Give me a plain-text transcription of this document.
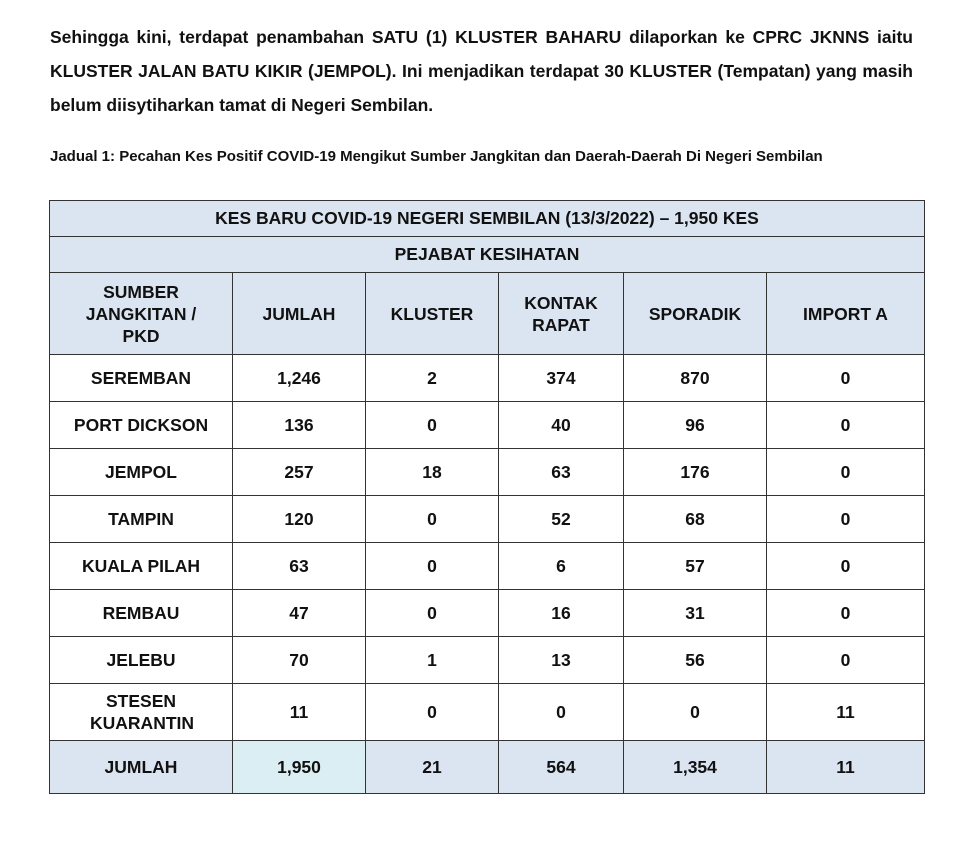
Sehingga kini, terdapat penambahan SATU (1) KLUSTER BAHARU dilaporkan ke CPRC JKNNS iaitu KLUSTER JALAN BATU KIKIR (JEMPOL). Ini menjadikan terdapat 30 KLUSTER (Tempatan) yang masih belum diisytiharkan tamat di Negeri Sembilan.

Jadual 1: Pecahan Kes Positif COVID-19 Mengikut Sumber Jangkitan dan Daerah-Daerah Di Negeri Sembilan

KES BARU COVID-19 NEGERI SEMBILAN (13/3/2022) – 1,950 KES					
PEJABAT KESIHATAN					
SUMBER JANGKITAN / PKD	JUMLAH	KLUSTER	KONTAK RAPAT	SPORADIK	IMPORT A
SEREMBAN	1,246	2	374	870	0
PORT DICKSON	136	0	40	96	0
JEMPOL	257	18	63	176	0
TAMPIN	120	0	52	68	0
KUALA PILAH	63	0	6	57	0
REMBAU	47	0	16	31	0
JELEBU	70	1	13	56	0
STESEN KUARANTIN	11	0	0	0	11
JUMLAH	1,950	21	564	1,354	11
